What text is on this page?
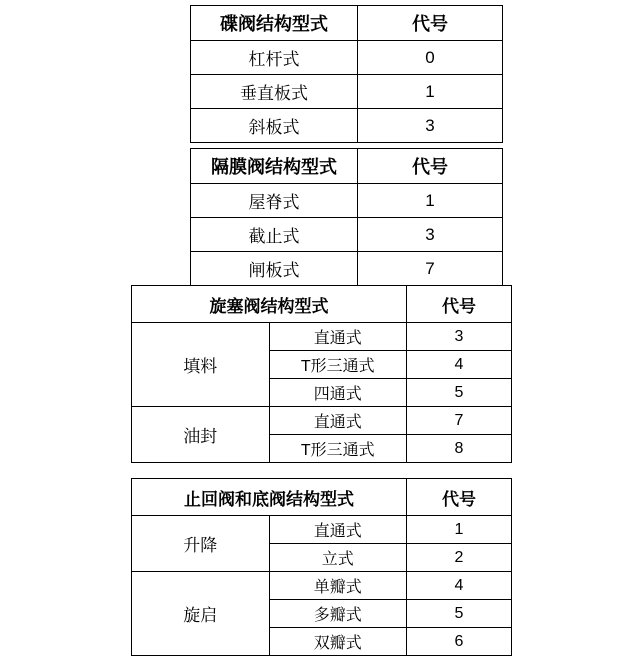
碟阀结构型式	代号
杠杆式	0
垂直板式	1
斜板式	3
隔膜阀结构型式	代号
屋脊式	1
截止式	3
闸板式	7
旋塞阀结构型式		代号
填料	直通式	3
	T形三通式	4
	四通式	5
油封	直通式	7
	T形三通式	8
止回阀和底阀结构型式		代号
升降	直通式	1
	立式	2
旋启	单瓣式	4
	多瓣式	5
	双瓣式	6
